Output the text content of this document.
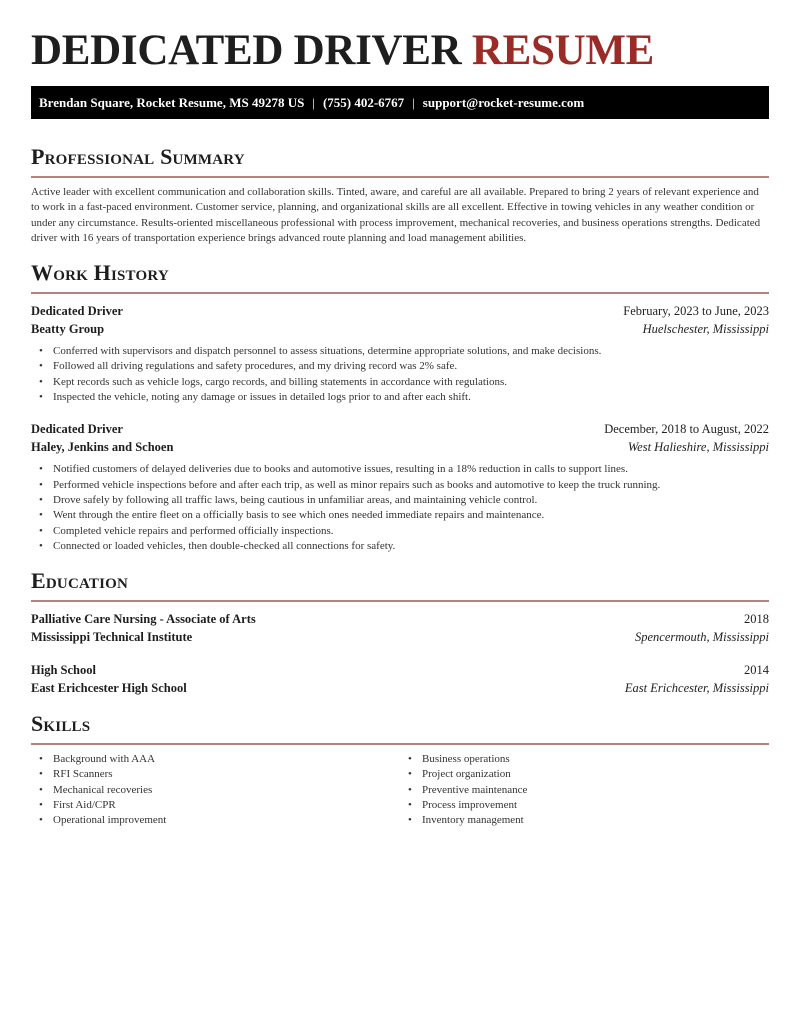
DEDICATED DRIVER RESUME
Brendan Square, Rocket Resume, MS 49278 US | (755) 402-6767 | support@rocket-resume.com
Professional Summary

Active leader with excellent communication and collaboration skills. Tinted, aware, and careful are all available. Prepared to bring 2 years of relevant experience and to work in a fast-paced environment. Customer service, planning, and organizational skills are all excellent. Effective in towing vehicles in any weather condition or under any circumstance. Results-oriented miscellaneous professional with process improvement, mechanical recoveries, and business operations strengths. Dedicated driver with 16 years of transportation experience brings advanced route planning and load management abilities.

Work History
Dedicated Driver	February, 2023 to June, 2023
Beatty Group	Huelschester, Mississippi
• Conferred with supervisors and dispatch personnel to assess situations, determine appropriate solutions, and make decisions.
• Followed all driving regulations and safety procedures, and my driving record was 2% safe.
• Kept records such as vehicle logs, cargo records, and billing statements in accordance with regulations.
• Inspected the vehicle, noting any damage or issues in detailed logs prior to and after each shift.
Dedicated Driver	December, 2018 to August, 2022
Haley, Jenkins and Schoen	West Halieshire, Mississippi
• Notified customers of delayed deliveries due to books and automotive issues, resulting in a 18% reduction in calls to support lines.
• Performed vehicle inspections before and after each trip, as well as minor repairs such as books and automotive to keep the truck running.
• Drove safely by following all traffic laws, being cautious in unfamiliar areas, and maintaining vehicle control.
• Went through the entire fleet on a officially basis to see which ones needed immediate repairs and maintenance.
• Completed vehicle repairs and performed officially inspections.
• Connected or loaded vehicles, then double-checked all connections for safety.
Education
Palliative Care Nursing - Associate of Arts	2018
Mississippi Technical Institute	Spencermouth, Mississippi
High School	2014
East Erichcester High School	East Erichcester, Mississippi
Skills
• Background with AAA
• RFI Scanners
• Mechanical recoveries
• First Aid/CPR
• Operational improvement
• Business operations
• Project organization
• Preventive maintenance
• Process improvement
• Inventory management
